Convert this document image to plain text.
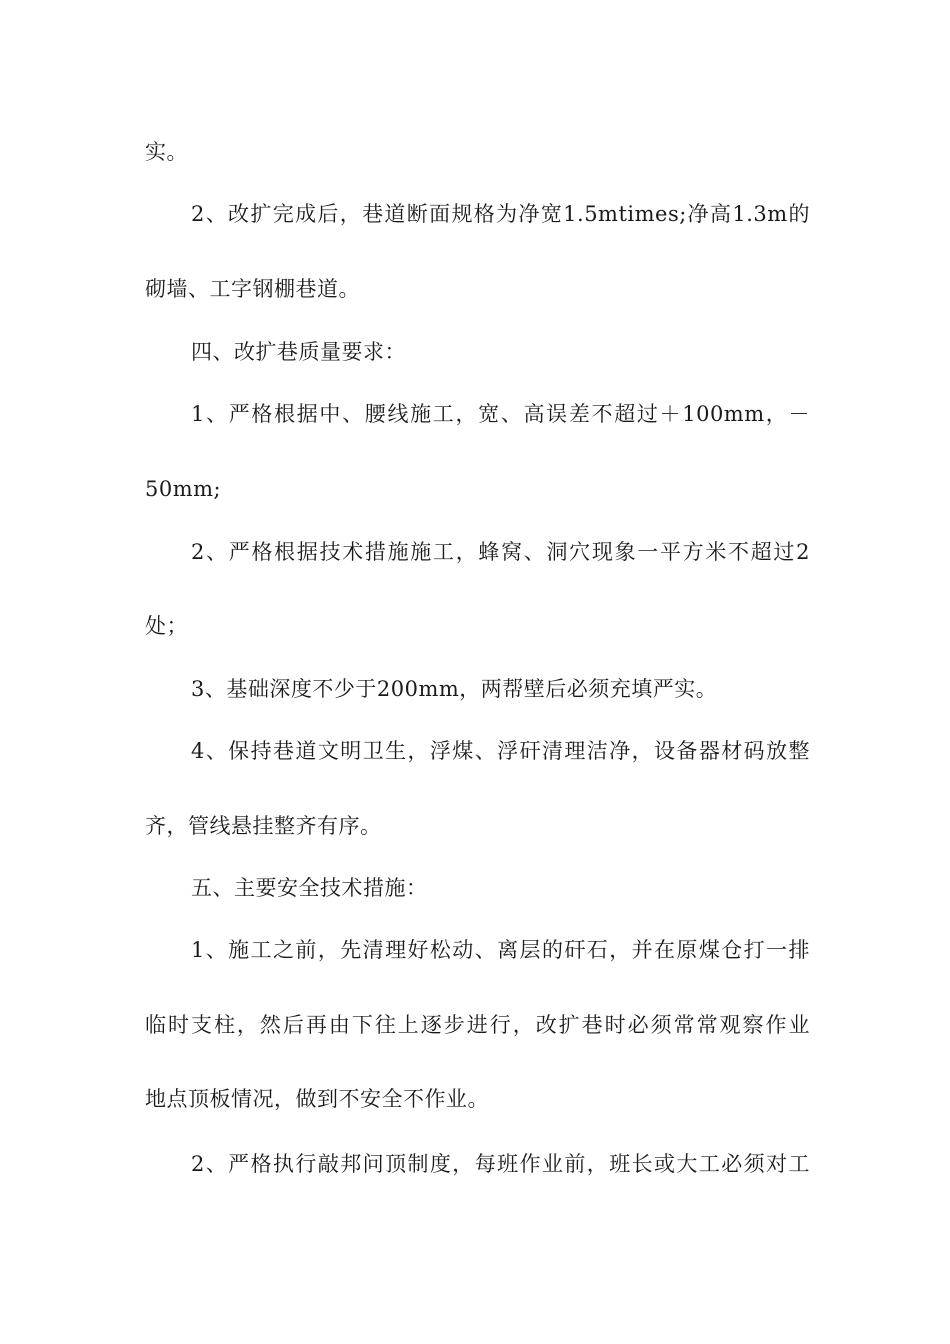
实。
2、改扩完成后，巷道断面规格为净宽1.5mtimes;净高1.3m的
砌墙、工字钢棚巷道。
四、改扩巷质量要求：
1、严格根据中、腰线施工，宽、高误差不超过＋100mm，－
50mm;
2、严格根据技术措施施工，蜂窝、洞穴现象一平方米不超过2
处；
3、基础深度不少于200mm，两帮壁后必须充填严实。
4、保持巷道文明卫生，浮煤、浮矸清理洁净，设备器材码放整
齐，管线悬挂整齐有序。
五、主要安全技术措施：
1、施工之前，先清理好松动、离层的矸石，并在原煤仓打一排
临时支柱，然后再由下往上逐步进行，改扩巷时必须常常观察作业
地点顶板情况，做到不安全不作业。
2、严格执行敲邦问顶制度，每班作业前，班长或大工必须对工
